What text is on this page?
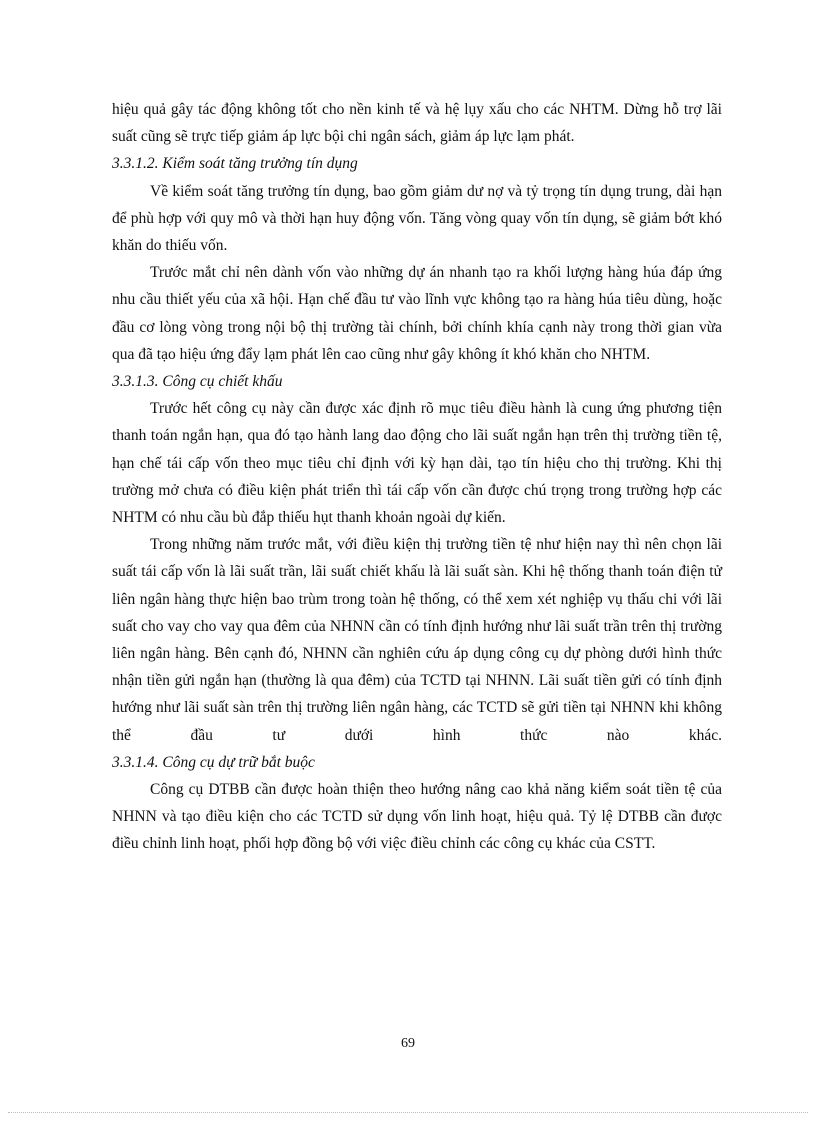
hiệu quả gây tác động không tốt cho nền kinh tế và hệ lụy xấu cho các NHTM. Dừng hỗ trợ lãi suất cũng sẽ trực tiếp giảm áp lực bội chi ngân sách, giảm áp lực lạm phát.

3.3.1.2. Kiểm soát tăng trưởng tín dụng

Về kiểm soát tăng trưởng tín dụng, bao gồm giảm dư nợ và tỷ trọng tín dụng trung, dài hạn để phù hợp với quy mô và thời hạn huy động vốn. Tăng vòng quay vốn tín dụng, sẽ giảm bớt khó khăn do thiếu vốn.

Trước mắt chỉ nên dành vốn vào những dự án nhanh tạo ra khối lượng hàng húa đáp ứng nhu cầu thiết yếu của xã hội. Hạn chế đầu tư vào lĩnh vực không tạo ra hàng húa tiêu dùng, hoặc đầu cơ lòng vòng trong nội bộ thị trường tài chính, bởi chính khía cạnh này trong thời gian vừa qua đã tạo hiệu ứng đẩy lạm phát lên cao cũng như gây không ít khó khăn cho NHTM.

3.3.1.3. Công cụ chiết khấu

Trước hết công cụ này cần được xác định rõ mục tiêu điều hành là cung ứng phương tiện thanh toán ngắn hạn, qua đó tạo hành lang dao động cho lãi suất ngắn hạn trên thị trường tiền tệ, hạn chế tái cấp vốn theo mục tiêu chỉ định với kỳ hạn dài, tạo tín hiệu cho thị trường. Khi thị trường mở chưa có điều kiện phát triển thì tái cấp vốn cần được chú trọng trong trường hợp các NHTM có nhu cầu bù đắp thiếu hụt thanh khoản ngoài dự kiến.

Trong những năm trước mắt, với điều kiện thị trường tiền tệ như hiện nay thì nên chọn lãi suất tái cấp vốn là lãi suất trần, lãi suất chiết khấu là lãi suất sàn. Khi hệ thống thanh toán điện tử liên ngân hàng thực hiện bao trùm trong toàn hệ thống, có thể xem xét nghiệp vụ thấu chi với lãi suất cho vay cho vay qua đêm của NHNN cần có tính định hướng như lãi suất trần trên thị trường liên ngân hàng. Bên cạnh đó, NHNN cần nghiên cứu áp dụng công cụ dự phòng dưới hình thức nhận tiền gửi ngắn hạn (thường là qua đêm) của TCTD tại NHNN. Lãi suất tiền gửi có tính định hướng như lãi suất sàn trên thị trường liên ngân hàng, các TCTD sẽ gửi tiền tại NHNN khi không thể đầu tư dưới hình thức nào khác.

3.3.1.4. Công cụ dự trữ bắt buộc

Công cụ DTBB cần được hoàn thiện theo hướng nâng cao khả năng kiểm soát tiền tệ của NHNN và tạo điều kiện cho các TCTD sử dụng vốn linh hoạt, hiệu quả. Tỷ lệ DTBB cần được điều chỉnh linh hoạt, phối hợp đồng bộ với việc điều chỉnh các công cụ khác của CSTT.

69
